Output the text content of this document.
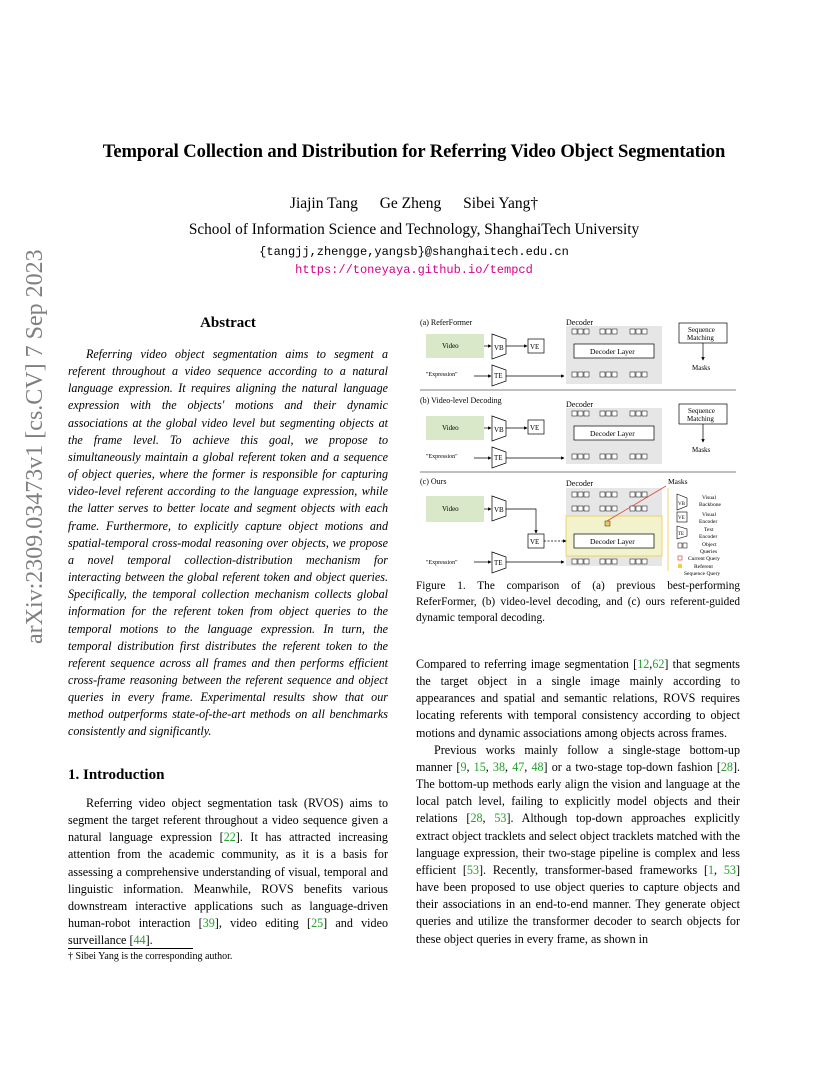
Temporal Collection and Distribution for Referring Video Object Segmentation
Jiajin Tang Ge Zheng Sibei Yang†
School of Information Science and Technology, ShanghaiTech University
{tangjj,zhengge,yangsb}@shanghaitech.edu.cn
https://toneyaya.github.io/tempcd
arXiv:2309.03473v1 [cs.CV] 7 Sep 2023	Abstract

Referring video object segmentation aims to segment a referent throughout a video sequence according to a natural language expression. It requires aligning the natural language expression with the objects' motions and their dynamic associations at the global video level but segmenting objects at the frame level. To achieve this goal, we propose to simultaneously maintain a global referent token and a sequence of object queries, where the former is responsible for capturing video-level referent according to the language expression, while the latter serves to better locate and segment objects with each frame. Furthermore, to explicitly capture object motions and spatial-temporal cross-modal reasoning over objects, we propose a novel temporal collection-distribution mechanism for interacting between the global referent token and object queries. Specifically, the temporal collection mechanism collects global information for the referent token from object queries to the temporal motions to the language expression. In turn, the temporal distribution first distributes the referent token to the referent sequence across all frames and then performs efficient cross-frame reasoning between the referent sequence and object queries in every frame. Experimental results show that our method outperforms state-of-the-art methods on all benchmarks consistently and significantly.

1. Introduction

Referring video object segmentation task (RVOS) aims to segment the target referent throughout a video sequence given a natural language expression [22]. It has attracted increasing attention from the academic community, as it is a basis for assessing a comprehensive understanding of visual, temporal and linguistic information. Meanwhile, ROVS benefits various downstream interactive applications such as language-driven human-robot interaction [39], video editing [25] and video surveillance [44].

† Sibei Yang is the corresponding author.
(a) ReferFormer	Decoder
Video	VB	VE	Decoder Layer
"Expression"	TE
Sequence
Matching
Masks
(b) Video-level Decoding	Decoder
Video	VB	VE
Decoder Layer
"Expression"	TE
Sequence
Matching
Masks
(c) Ours	Decoder
Video	VB
VE	Decoder Layer
"Expression"	TE
Masks
VB
Visual
Backbone
VE
Visual
Encoder
TE
Text
Encoder
Object
Queries
Current Query
Referent
Sequence Query

Figure 1. The comparison of (a) previous best-performing ReferFormer, (b) video-level decoding, and (c) ours referent-guided dynamic temporal decoding.

Compared to referring image segmentation [12,62] that segments the target object in a single image mainly according to appearances and spatial and semantic relations, ROVS requires locating referents with temporal consistency according to object motions and dynamic associations among objects across frames.

Previous works mainly follow a single-stage bottom-up manner [9, 15, 38, 47, 48] or a two-stage top-down fashion [28]. The bottom-up methods early align the vision and language at the local patch level, failing to explicitly model objects and their relations [28, 53]. Although top-down approaches explicitly extract object tracklets and select object tracklets matched with the language expression, their two-stage pipeline is complex and less efficient [53]. Recently, transformer-based frameworks [1, 53] have been proposed to use object queries to capture objects and their associations in an end-to-end manner. They generate object queries and utilize the transformer decoder to search objects for these object queries in every frame, as shown in
